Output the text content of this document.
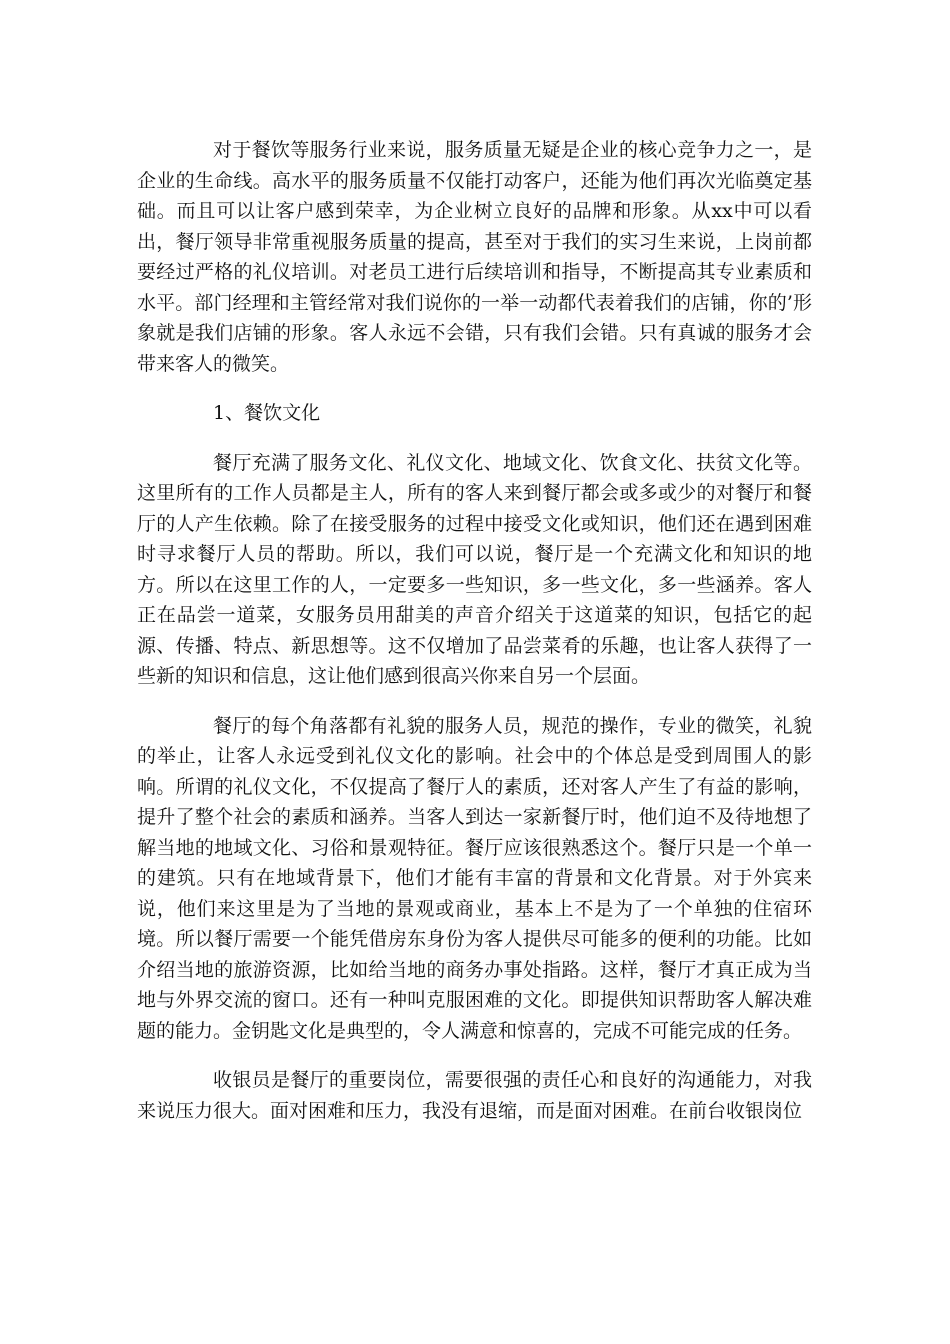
对于餐饮等服务行业来说，服务质量无疑是企业的核心竞争力之一，是企业的生命线。高水平的服务质量不仅能打动客户，还能为他们再次光临奠定基础。而且可以让客户感到荣幸，为企业树立良好的品牌和形象。从xx中可以看出，餐厅领导非常重视服务质量的提高，甚至对于我们的实习生来说，上岗前都要经过严格的礼仪培训。对老员工进行后续培训和指导，不断提高其专业素质和水平。部门经理和主管经常对我们说你的一举一动都代表着我们的店铺，你的’形象就是我们店铺的形象。客人永远不会错，只有我们会错。只有真诚的服务才会带来客人的微笑。

1、餐饮文化

餐厅充满了服务文化、礼仪文化、地域文化、饮食文化、扶贫文化等。这里所有的工作人员都是主人，所有的客人来到餐厅都会或多或少的对餐厅和餐厅的人产生依赖。除了在接受服务的过程中接受文化或知识，他们还在遇到困难时寻求餐厅人员的帮助。所以，我们可以说，餐厅是一个充满文化和知识的地方。所以在这里工作的人，一定要多一些知识，多一些文化，多一些涵养。客人正在品尝一道菜，女服务员用甜美的声音介绍关于这道菜的知识，包括它的起源、传播、特点、新思想等。这不仅增加了品尝菜肴的乐趣，也让客人获得了一些新的知识和信息，这让他们感到很高兴你来自另一个层面。

餐厅的每个角落都有礼貌的服务人员，规范的操作，专业的微笑，礼貌的举止，让客人永远受到礼仪文化的影响。社会中的个体总是受到周围人的影响。所谓的礼仪文化，不仅提高了餐厅人的素质，还对客人产生了有益的影响，提升了整个社会的素质和涵养。当客人到达一家新餐厅时，他们迫不及待地想了解当地的地域文化、习俗和景观特征。餐厅应该很熟悉这个。餐厅只是一个单一的建筑。只有在地域背景下，他们才能有丰富的背景和文化背景。对于外宾来说，他们来这里是为了当地的景观或商业，基本上不是为了一个单独的住宿环境。所以餐厅需要一个能凭借房东身份为客人提供尽可能多的便利的功能。比如介绍当地的旅游资源，比如给当地的商务办事处指路。这样，餐厅才真正成为当地与外界交流的窗口。还有一种叫克服困难的文化。即提供知识帮助客人解决难题的能力。金钥匙文化是典型的，令人满意和惊喜的，完成不可能完成的任务。

收银员是餐厅的重要岗位，需要很强的责任心和良好的沟通能力，对我来说压力很大。面对困难和压力，我没有退缩，而是面对困难。在前台收银岗位
